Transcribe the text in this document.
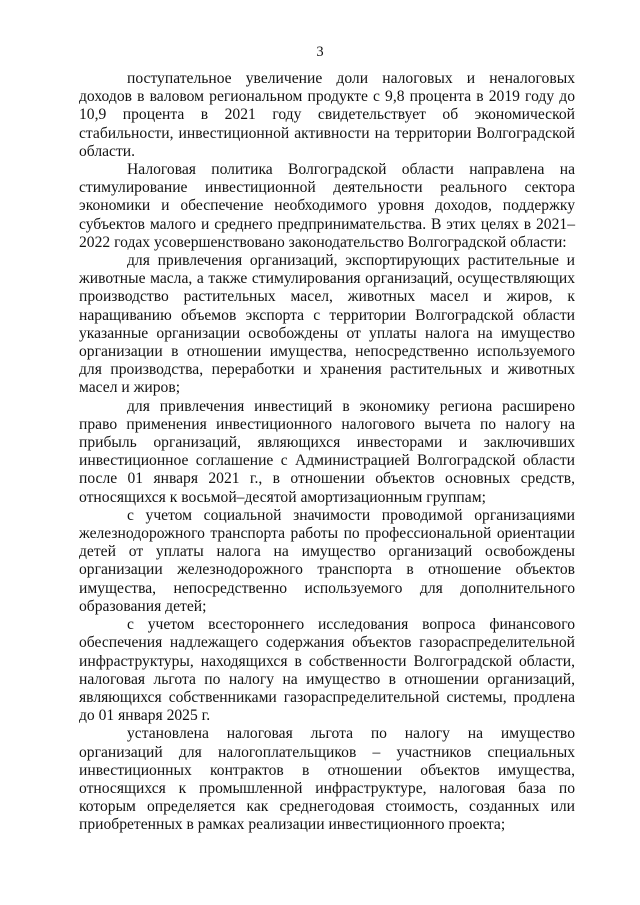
3

поступательное увеличение доли налоговых и неналоговых доходов в валовом региональном продукте с 9,8 процента в 2019 году до 10,9 процента в 2021 году свидетельствует об экономической стабильности, инвестиционной активности на территории Волгоградской области.

Налоговая политика Волгоградской области направлена на стимулирование инвестиционной деятельности реального сектора экономики и обеспечение необходимого уровня доходов, поддержку субъектов малого и среднего предпринимательства. В этих целях в 2021–2022 годах усовершенствовано законодательство Волгоградской области:

для привлечения организаций, экспортирующих растительные и животные масла, а также стимулирования организаций, осуществляющих производство растительных масел, животных масел и жиров, к наращиванию объемов экспорта с территории Волгоградской области указанные организации освобождены от уплаты налога на имущество организации в отношении имущества, непосредственно используемого для производства, переработки и хранения растительных и животных масел и жиров;

для привлечения инвестиций в экономику региона расширено право применения инвестиционного налогового вычета по налогу на прибыль организаций, являющихся инвесторами и заключивших инвестиционное соглашение с Администрацией Волгоградской области после 01 января 2021 г., в отношении объектов основных средств, относящихся к восьмой–десятой амортизационным группам;

с учетом социальной значимости проводимой организациями железнодорожного транспорта работы по профессиональной ориентации детей от уплаты налога на имущество организаций освобождены организации железнодорожного транспорта в отношение объектов имущества, непосредственно используемого для дополнительного образования детей;

с учетом всестороннего исследования вопроса финансового обеспечения надлежащего содержания объектов газораспределительной инфраструктуры, находящихся в собственности Волгоградской области, налоговая льгота по налогу на имущество в отношении организаций, являющихся собственниками газораспределительной системы, продлена до 01 января 2025 г.

установлена налоговая льгота по налогу на имущество организаций для налогоплательщиков – участников специальных инвестиционных контрактов в отношении объектов имущества, относящихся к промышленной инфраструктуре, налоговая база по которым определяется как среднегодовая стоимость, созданных или приобретенных в рамках реализации инвестиционного проекта;
